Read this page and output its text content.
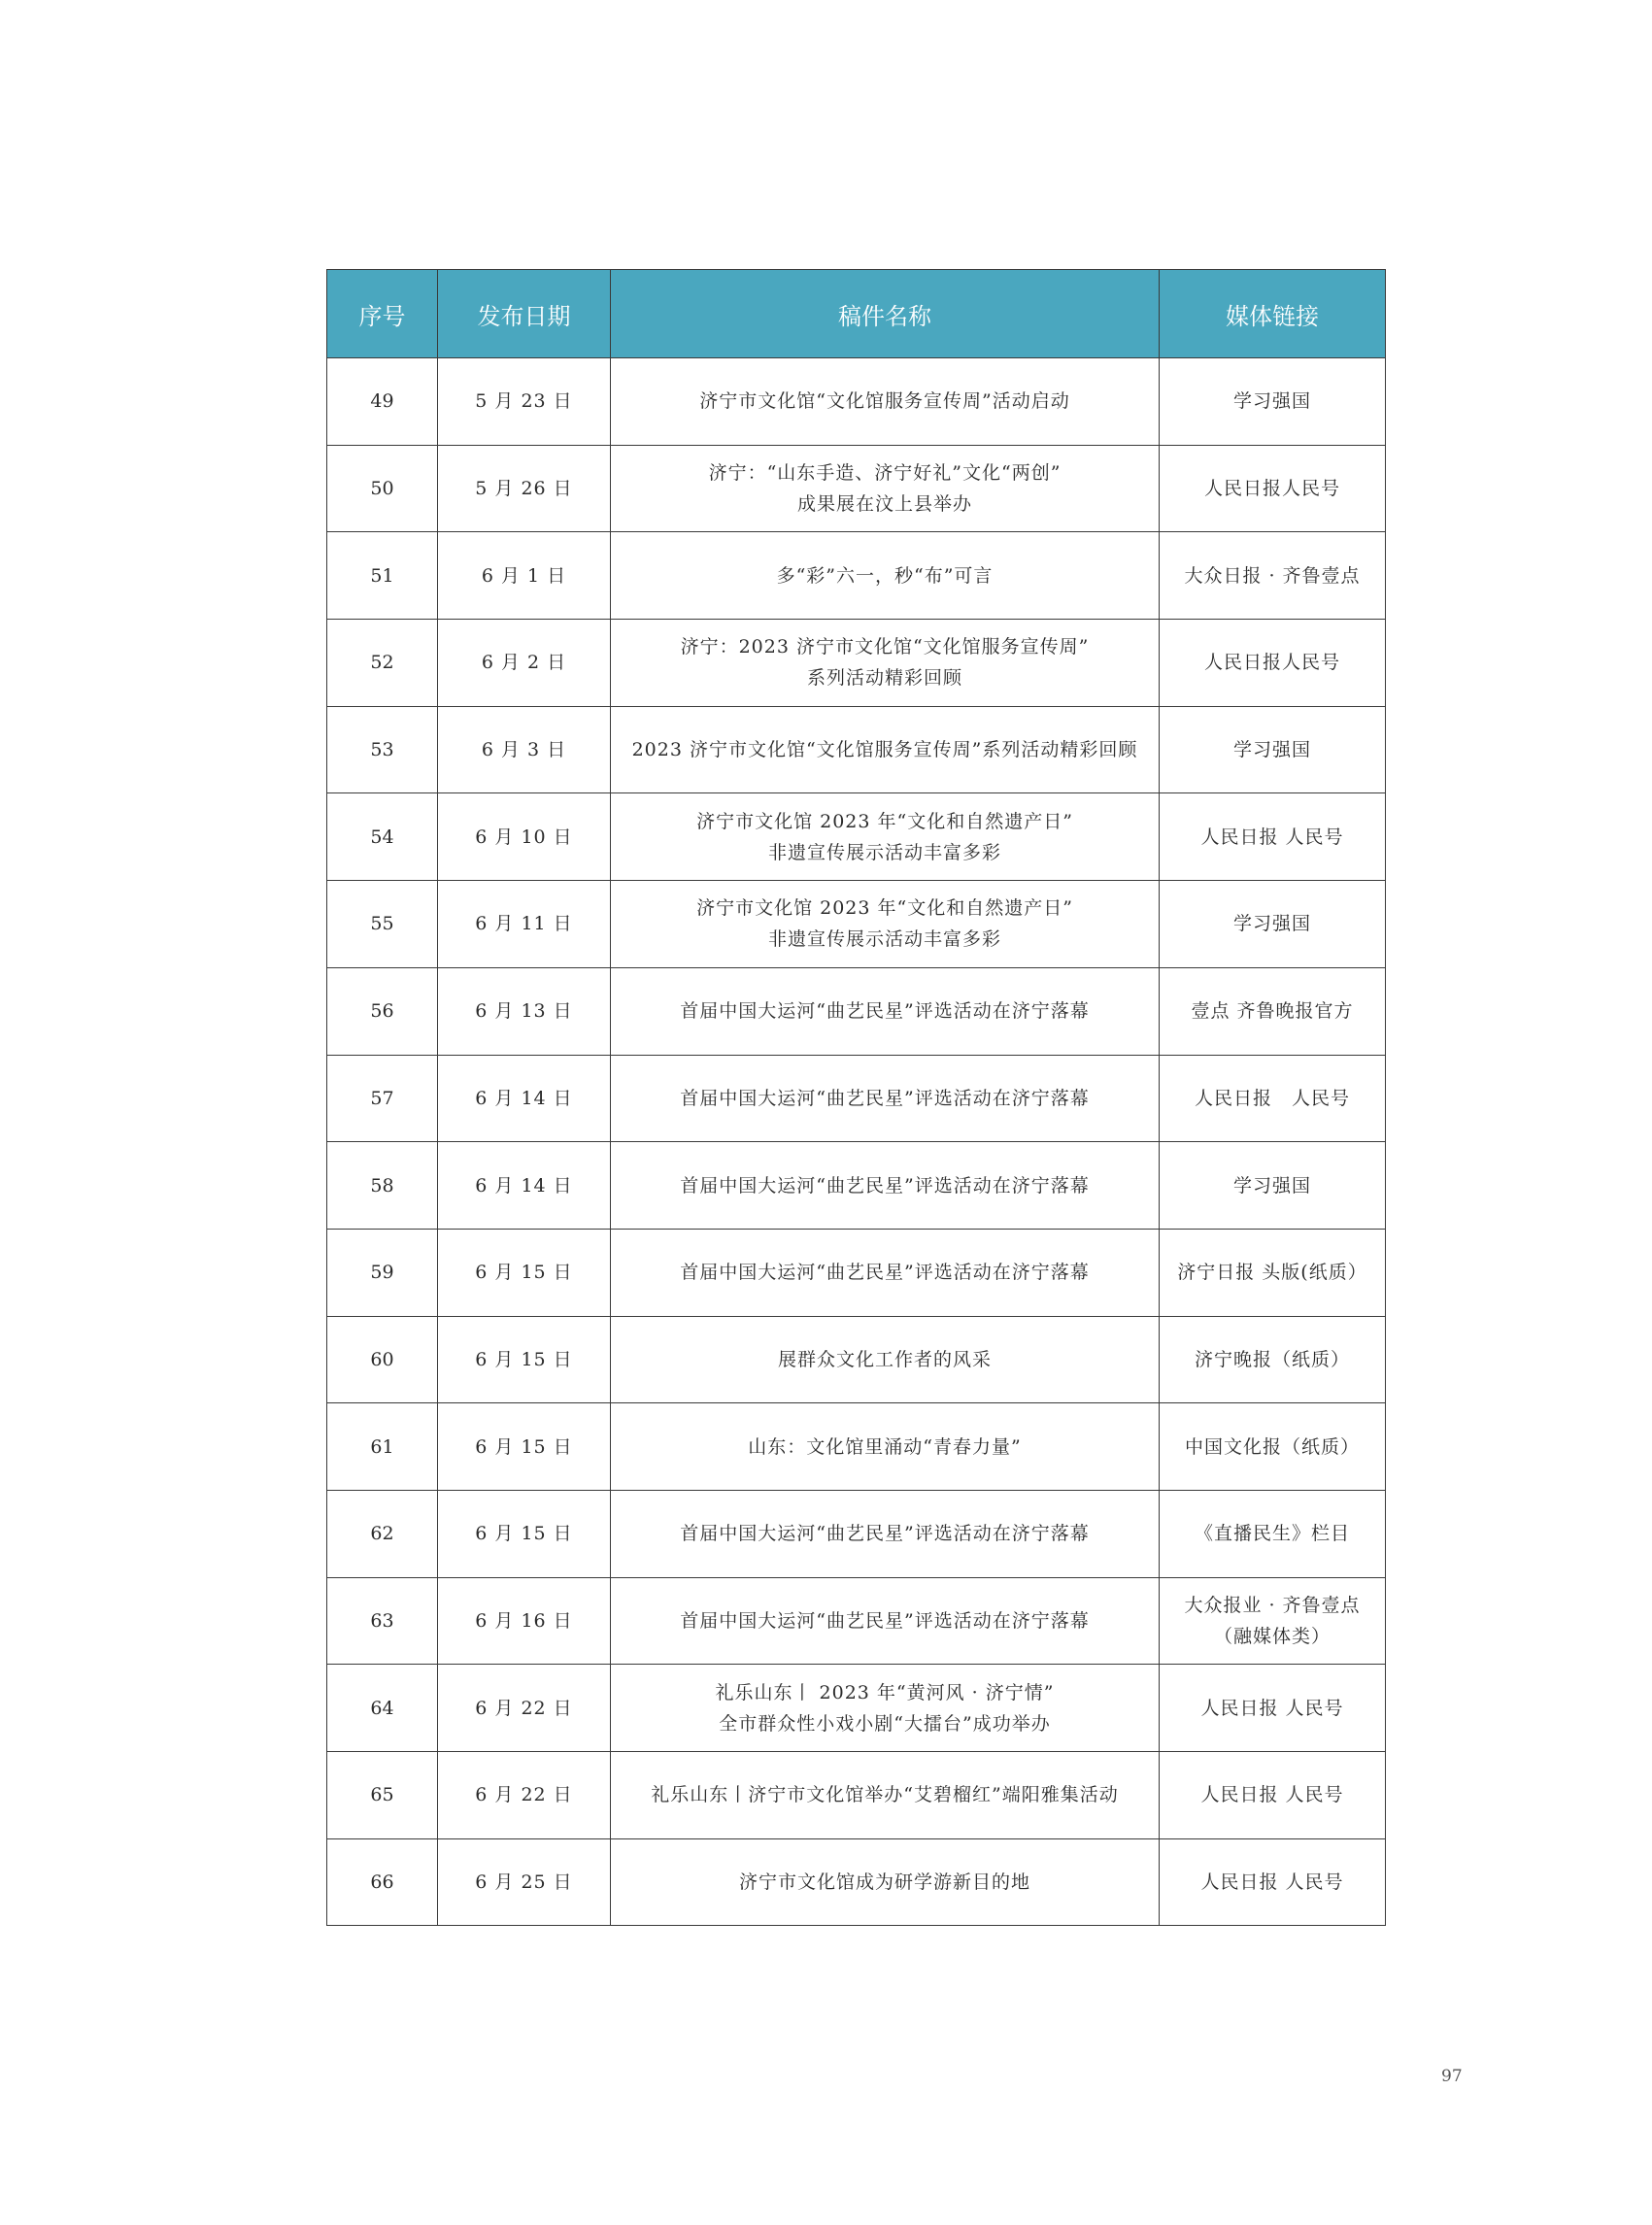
序号	发布日期	稿件名称	媒体链接
49	5 月 23 日	济宁市文化馆“文化馆服务宣传周”活动启动	学习强国

50	5 月 26 日	济宁：“山东手造、济宁好礼”文化“两创”
成果展在汶上县举办	人民日报人民号

51	6 月 1 日	多“彩”六一，秒“布”可言	大众日报 · 齐鲁壹点

52	6 月 2 日	济宁：2023 济宁市文化馆“文化馆服务宣传周”
系列活动精彩回顾	人民日报人民号

53	6 月 3 日	2023 济宁市文化馆“文化馆服务宣传周”系列活动精彩回顾	学习强国

54	6 月 10 日	济宁市文化馆 2023 年“文化和自然遗产日”
非遗宣传展示活动丰富多彩	人民日报 人民号

55	6 月 11 日	济宁市文化馆 2023 年“文化和自然遗产日”
非遗宣传展示活动丰富多彩	学习强国

56	6 月 13 日	首届中国大运河“曲艺民星”评选活动在济宁落幕	壹点 齐鲁晚报官方

57	6 月 14 日	首届中国大运河“曲艺民星”评选活动在济宁落幕	人民日报　人民号

58	6 月 14 日	首届中国大运河“曲艺民星”评选活动在济宁落幕	学习强国

59	6 月 15 日	首届中国大运河“曲艺民星”评选活动在济宁落幕	济宁日报 头版(纸质）

60	6 月 15 日	展群众文化工作者的风采	济宁晚报（纸质）

61	6 月 15 日	山东：文化馆里涌动“青春力量”	中国文化报（纸质）

62	6 月 15 日	首届中国大运河“曲艺民星”评选活动在济宁落幕	《直播民生》栏目

63	6 月 16 日	首届中国大运河“曲艺民星”评选活动在济宁落幕	大众报业 · 齐鲁壹点
（融媒体类）

64	6 月 22 日	礼乐山东丨 2023 年“黄河风 · 济宁情”
全市群众性小戏小剧“大擂台”成功举办	人民日报 人民号

65	6 月 22 日	礼乐山东丨济宁市文化馆举办“艾碧榴红”端阳雅集活动	人民日报 人民号

66	6 月 25 日	济宁市文化馆成为研学游新目的地	人民日报 人民号
97
